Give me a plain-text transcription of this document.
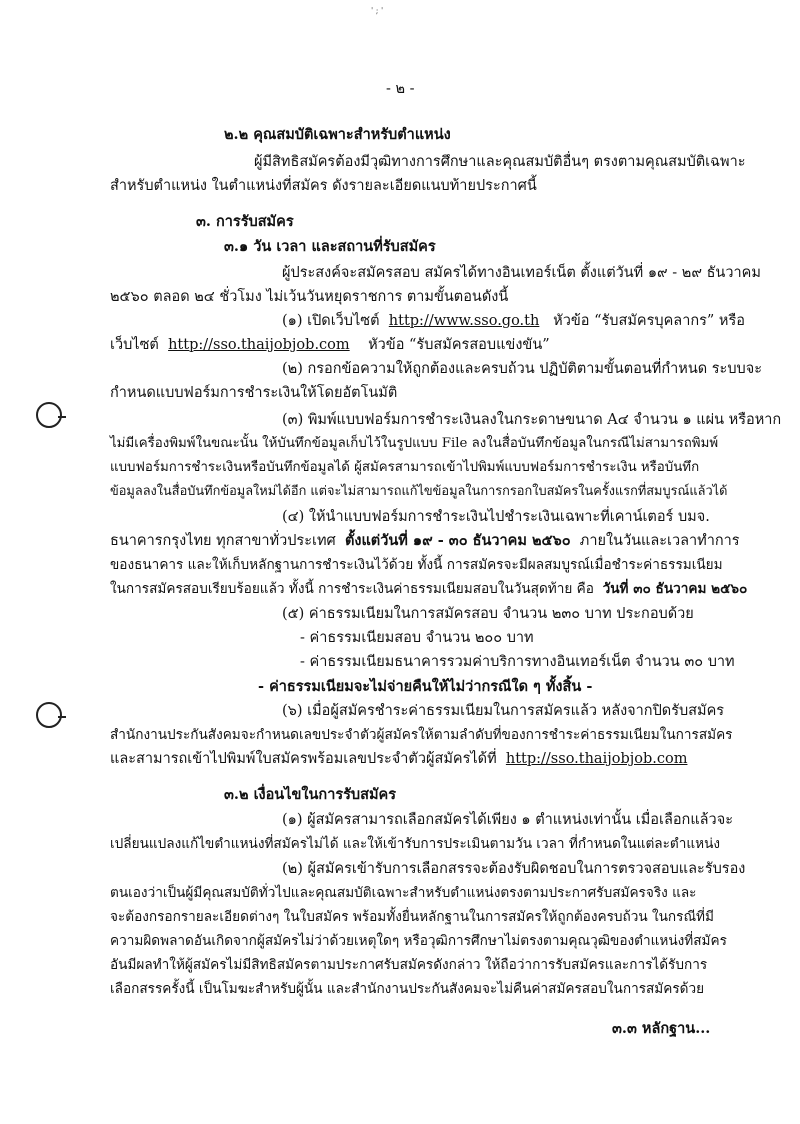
' ; '
- ๒ -
๒.๒ คุณสมบัติเฉพาะสำหรับตำแหน่ง
ผู้มีสิทธิสมัครต้องมีวุฒิทางการศึกษาและคุณสมบัติอื่นๆ ตรงตามคุณสมบัติเฉพาะ
สำหรับตำแหน่ง ในตำแหน่งที่สมัคร ดังรายละเอียดแนบท้ายประกาศนี้
๓. การรับสมัคร
๓.๑ วัน เวลา และสถานที่รับสมัคร
ผู้ประสงค์จะสมัครสอบ สมัครได้ทางอินเทอร์เน็ต ตั้งแต่วันที่ ๑๙ - ๒๙ ธันวาคม
๒๕๖๐ ตลอด ๒๔ ชั่วโมง ไม่เว้นวันหยุดราชการ ตามขั้นตอนดังนี้
(๑) เปิดเว็บไซต์ http://www.sso.go.th หัวข้อ “รับสมัครบุคลากร” หรือ
เว็บไซต์ http://sso.thaijobjob.com หัวข้อ “รับสมัครสอบแข่งขัน”
(๒) กรอกข้อความให้ถูกต้องและครบถ้วน ปฏิบัติตามขั้นตอนที่กำหนด ระบบจะ
กำหนดแบบฟอร์มการชำระเงินให้โดยอัตโนมัติ
(๓) พิมพ์แบบฟอร์มการชำระเงินลงในกระดาษขนาด A๔ จำนวน ๑ แผ่น หรือหาก
ไม่มีเครื่องพิมพ์ในขณะนั้น ให้บันทึกข้อมูลเก็บไว้ในรูปแบบ File ลงในสื่อบันทึกข้อมูลในกรณีไม่สามารถพิมพ์
แบบฟอร์มการชำระเงินหรือบันทึกข้อมูลได้ ผู้สมัครสามารถเข้าไปพิมพ์แบบฟอร์มการชำระเงิน หรือบันทึก
ข้อมูลลงในสื่อบันทึกข้อมูลใหม่ได้อีก แต่จะไม่สามารถแก้ไขข้อมูลในการกรอกใบสมัครในครั้งแรกที่สมบูรณ์แล้วได้
(๔) ให้นำแบบฟอร์มการชำระเงินไปชำระเงินเฉพาะที่เคาน์เตอร์ บมจ.
ธนาคารกรุงไทย ทุกสาขาทั่วประเทศ ตั้งแต่วันที่ ๑๙ - ๓๐ ธันวาคม ๒๕๖๐ ภายในวันและเวลาทำการ
ของธนาคาร และให้เก็บหลักฐานการชำระเงินไว้ด้วย ทั้งนี้ การสมัครจะมีผลสมบูรณ์เมื่อชำระค่าธรรมเนียม
ในการสมัครสอบเรียบร้อยแล้ว ทั้งนี้ การชำระเงินค่าธรรมเนียมสอบในวันสุดท้าย คือ วันที่ ๓๐ ธันวาคม ๒๕๖๐
(๕) ค่าธรรมเนียมในการสมัครสอบ จำนวน ๒๓๐ บาท ประกอบด้วย
- ค่าธรรมเนียมสอบ จำนวน ๒๐๐ บาท
- ค่าธรรมเนียมธนาคารรวมค่าบริการทางอินเทอร์เน็ต จำนวน ๓๐ บาท
- ค่าธรรมเนียมจะไม่จ่ายคืนให้ไม่ว่ากรณีใด ๆ ทั้งสิ้น -
(๖) เมื่อผู้สมัครชำระค่าธรรมเนียมในการสมัครแล้ว หลังจากปิดรับสมัคร
สำนักงานประกันสังคมจะกำหนดเลขประจำตัวผู้สมัครให้ตามลำดับที่ของการชำระค่าธรรมเนียมในการสมัคร
และสามารถเข้าไปพิมพ์ใบสมัครพร้อมเลขประจำตัวผู้สมัครได้ที่ http://sso.thaijobjob.com
๓.๒ เงื่อนไขในการรับสมัคร
(๑) ผู้สมัครสามารถเลือกสมัครได้เพียง ๑ ตำแหน่งเท่านั้น เมื่อเลือกแล้วจะ
เปลี่ยนแปลงแก้ไขตำแหน่งที่สมัครไม่ได้ และให้เข้ารับการประเมินตามวัน เวลา ที่กำหนดในแต่ละตำแหน่ง
(๒) ผู้สมัครเข้ารับการเลือกสรรจะต้องรับผิดชอบในการตรวจสอบและรับรอง
ตนเองว่าเป็นผู้มีคุณสมบัติทั่วไปและคุณสมบัติเฉพาะสำหรับตำแหน่งตรงตามประกาศรับสมัครจริง และ
จะต้องกรอกรายละเอียดต่างๆ ในใบสมัคร พร้อมทั้งยื่นหลักฐานในการสมัครให้ถูกต้องครบถ้วน ในกรณีที่มี
ความผิดพลาดอันเกิดจากผู้สมัครไม่ว่าด้วยเหตุใดๆ หรือวุฒิการศึกษาไม่ตรงตามคุณวุฒิของตำแหน่งที่สมัคร
อันมีผลทำให้ผู้สมัครไม่มีสิทธิสมัครตามประกาศรับสมัครดังกล่าว ให้ถือว่าการรับสมัครและการได้รับการ
เลือกสรรครั้งนี้ เป็นโมฆะสำหรับผู้นั้น และสำนักงานประกันสังคมจะไม่คืนค่าสมัครสอบในการสมัครด้วย
๓.๓ หลักฐาน...
